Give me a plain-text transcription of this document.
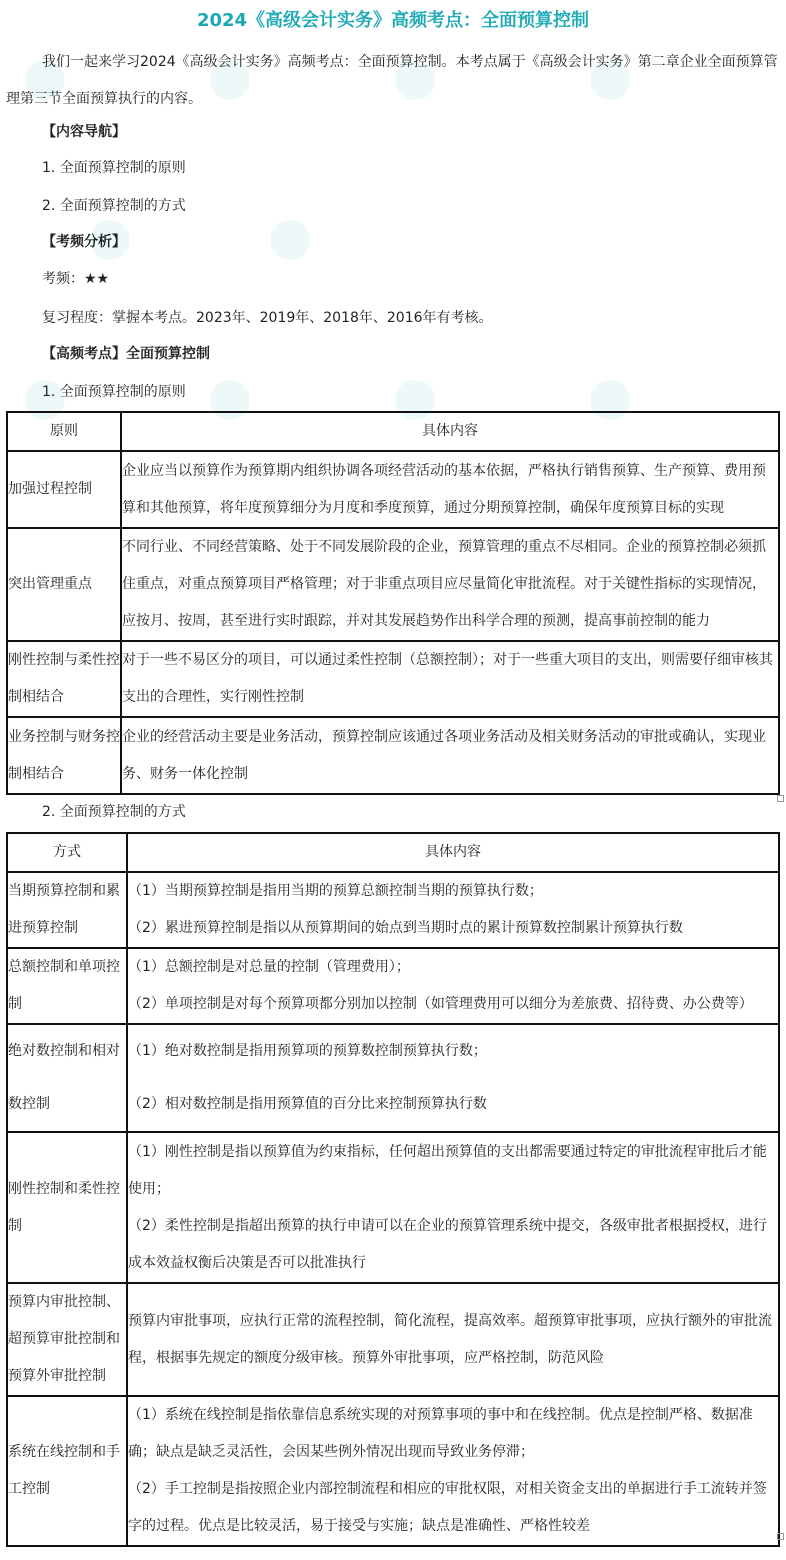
2024《高级会计实务》高频考点：全面预算控制
我们一起来学习2024《高级会计实务》高频考点：全面预算控制。本考点属于《高级会计实务》第二章企业全面预算管理第三节全面预算执行的内容。
【内容导航】
1. 全面预算控制的原则
2. 全面预算控制的方式
【考频分析】
考频：★★
复习程度：掌握本考点。2023年、2019年、2018年、2016年有考核。
【高频考点】全面预算控制
1. 全面预算控制的原则
原则	具体内容
加强过程控制	企业应当以预算作为预算期内组织协调各项经营活动的基本依据，严格执行销售预算、生产预算、费用预算和其他预算，将年度预算细分为月度和季度预算，通过分期预算控制，确保年度预算目标的实现
突出管理重点	不同行业、不同经营策略、处于不同发展阶段的企业，预算管理的重点不尽相同。企业的预算控制必须抓住重点，对重点预算项目严格管理；对于非重点项目应尽量简化审批流程。对于关键性指标的实现情况，应按月、按周，甚至进行实时跟踪，并对其发展趋势作出科学合理的预测，提高事前控制的能力
刚性控制与柔性控制相结合	对于一些不易区分的项目，可以通过柔性控制（总额控制）；对于一些重大项目的支出，则需要仔细审核其支出的合理性，实行刚性控制
业务控制与财务控制相结合	企业的经营活动主要是业务活动，预算控制应该通过各项业务活动及相关财务活动的审批或确认，实现业务、财务一体化控制
2. 全面预算控制的方式
方式	具体内容
当期预算控制和累进预算控制	（1）当期预算控制是指用当期的预算总额控制当期的预算执行数；
（2）累进预算控制是指以从预算期间的始点到当期时点的累计预算数控制累计预算执行数

总额控制和单项控制	（1）总额控制是对总量的控制（管理费用）；
（2）单项控制是对每个预算项都分别加以控制（如管理费用可以细分为差旅费、招待费、办公费等）

绝对数控制和相对数控制	（1）绝对数控制是指用预算项的预算数控制预算执行数；
（2）相对数控制是指用预算值的百分比来控制预算执行数

刚性控制和柔性控制	（1）刚性控制是指以预算值为约束指标，任何超出预算值的支出都需要通过特定的审批流程审批后才能使用；
（2）柔性控制是指超出预算的执行申请可以在企业的预算管理系统中提交，各级审批者根据授权，进行成本效益权衡后决策是否可以批准执行

预算内审批控制、超预算审批控制和预算外审批控制	预算内审批事项，应执行正常的流程控制，简化流程，提高效率。超预算审批事项，应执行额外的审批流程，根据事先规定的额度分级审核。预算外审批事项，应严格控制，防范风险

系统在线控制和手工控制	（1）系统在线控制是指依靠信息系统实现的对预算事项的事中和在线控制。优点是控制严格、数据准确；缺点是缺乏灵活性，会因某些例外情况出现而导致业务停滞；
（2）手工控制是指按照企业内部控制流程和相应的审批权限，对相关资金支出的单据进行手工流转并签字的过程。优点是比较灵活，易于接受与实施；缺点是准确性、严格性较差
